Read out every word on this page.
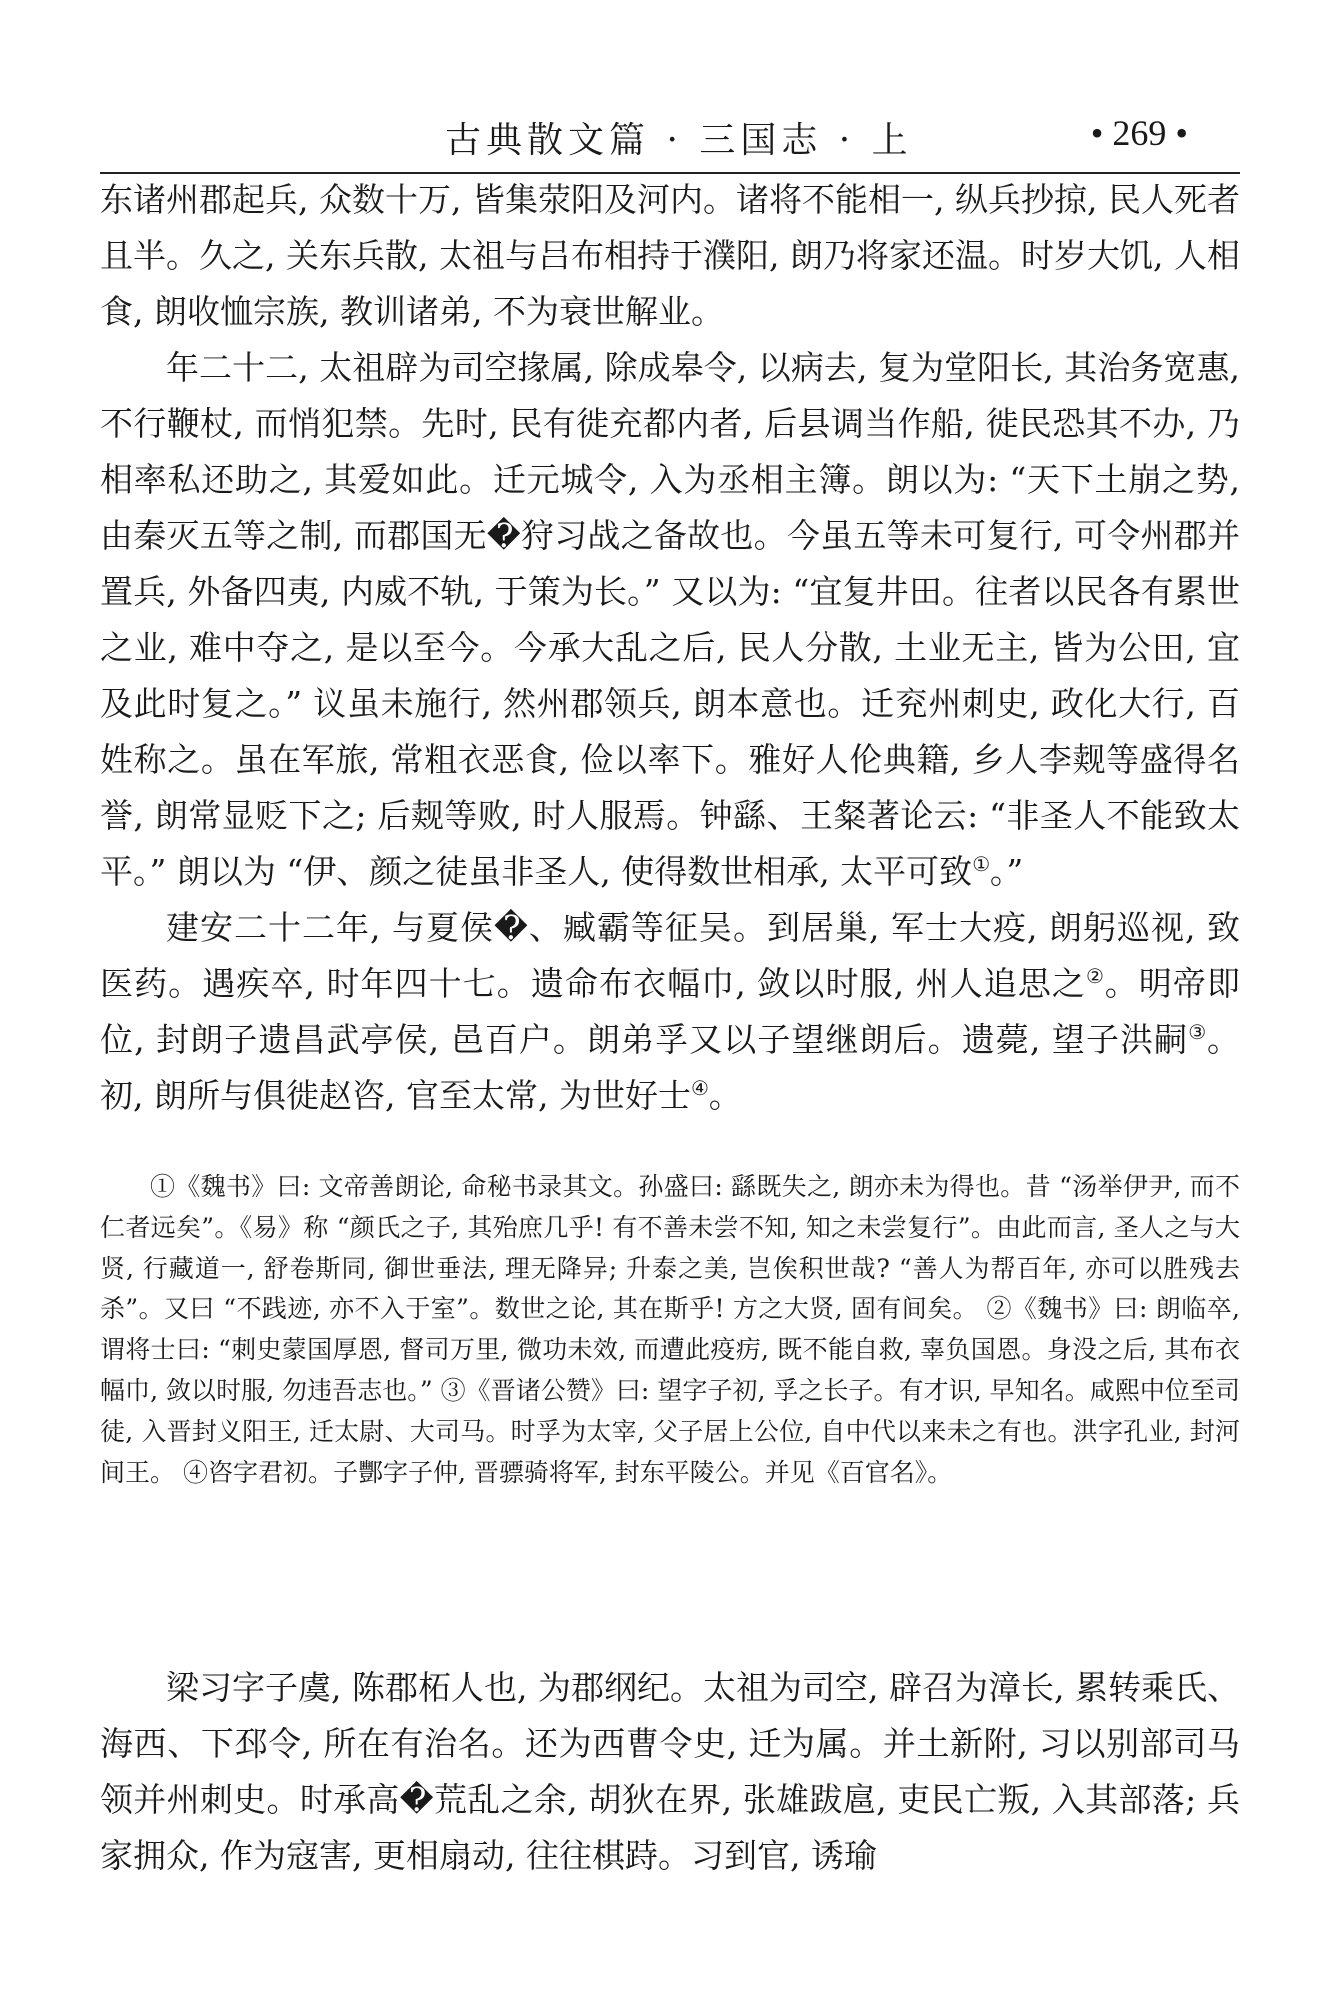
古典散文篇 · 三国志 · 上	• 269 •

东诸州郡起兵, 众数十万, 皆集荥阳及河内。诸将不能相一, 纵兵抄掠, 民人死者且半。久之, 关东兵散, 太祖与吕布相持于濮阳, 朗乃将家还温。时岁大饥, 人相食, 朗收恤宗族, 教训诸弟, 不为衰世解业。

年二十二, 太祖辟为司空掾属, 除成皋令, 以病去, 复为堂阳长, 其治务宽惠, 不行鞭杖, 而悄犯禁。先时, 民有徙充都内者, 后县调当作船, 徙民恐其不办, 乃相率私还助之, 其爱如此。迁元城令, 入为丞相主簿。朗以为: “天下土崩之势, 由秦灭五等之制, 而郡国无�狩习战之备故也。今虽五等未可复行, 可令州郡并置兵, 外备四夷, 内威不轨, 于策为长。” 又以为: “宜复井田。往者以民各有累世之业, 难中夺之, 是以至今。今承大乱之后, 民人分散, 土业无主, 皆为公田, 宜及此时复之。” 议虽未施行, 然州郡领兵, 朗本意也。迁兖州刺史, 政化大行, 百姓称之。虽在军旅, 常粗衣恶食, 俭以率下。雅好人伦典籍, 乡人李觌等盛得名誉, 朗常显贬下之; 后觌等败, 时人服焉。钟繇、王粲著论云: “非圣人不能致太平。” 朗以为 “伊、颜之徒虽非圣人, 使得数世相承, 太平可致①。”

建安二十二年, 与夏侯�、臧霸等征吴。到居巢, 军士大疫, 朗躬巡视, 致医药。遇疾卒, 时年四十七。遗命布衣幅巾, 敛以时服, 州人追思之②。明帝即位, 封朗子遗昌武亭侯, 邑百户。朗弟孚又以子望继朗后。遗薨, 望子洪嗣③。初, 朗所与俱徙赵咨, 官至太常, 为世好士④。

①《魏书》曰: 文帝善朗论, 命秘书录其文。孙盛曰: 繇既失之, 朗亦未为得也。昔 “汤举伊尹, 而不仁者远矣”。《易》称 “颜氏之子, 其殆庶几乎! 有不善未尝不知, 知之未尝复行”。由此而言, 圣人之与大贤, 行藏道一, 舒卷斯同, 御世垂法, 理无降异; 升泰之美, 岂俟积世哉? “善人为帮百年, 亦可以胜残去杀”。又曰 “不践迹, 亦不入于室”。数世之论, 其在斯乎! 方之大贤, 固有间矣。 ②《魏书》曰: 朗临卒, 谓将士曰: “刺史蒙国厚恩, 督司万里, 微功未效, 而遭此疫疠, 既不能自救, 辜负国恩。身没之后, 其布衣幅巾, 敛以时服, 勿违吾志也。” ③《晋诸公赞》曰: 望字子初, 孚之长子。有才识, 早知名。咸熙中位至司徒, 入晋封义阳王, 迁太尉、大司马。时孚为太宰, 父子居上公位, 自中代以来未之有也。洪字孔业, 封河间王。 ④咨字君初。子酆字子仲, 晋骠骑将军, 封东平陵公。并见《百官名》。

梁习字子虞, 陈郡柘人也, 为郡纲纪。太祖为司空, 辟召为漳长, 累转乘氏、海西、下邳令, 所在有治名。还为西曹令史, 迁为属。并土新附, 习以别部司马领并州刺史。时承高�荒乱之余, 胡狄在界, 张雄跋扈, 吏民亡叛, 入其部落; 兵家拥众, 作为寇害, 更相扇动, 往往棋跱。习到官, 诱瑜
